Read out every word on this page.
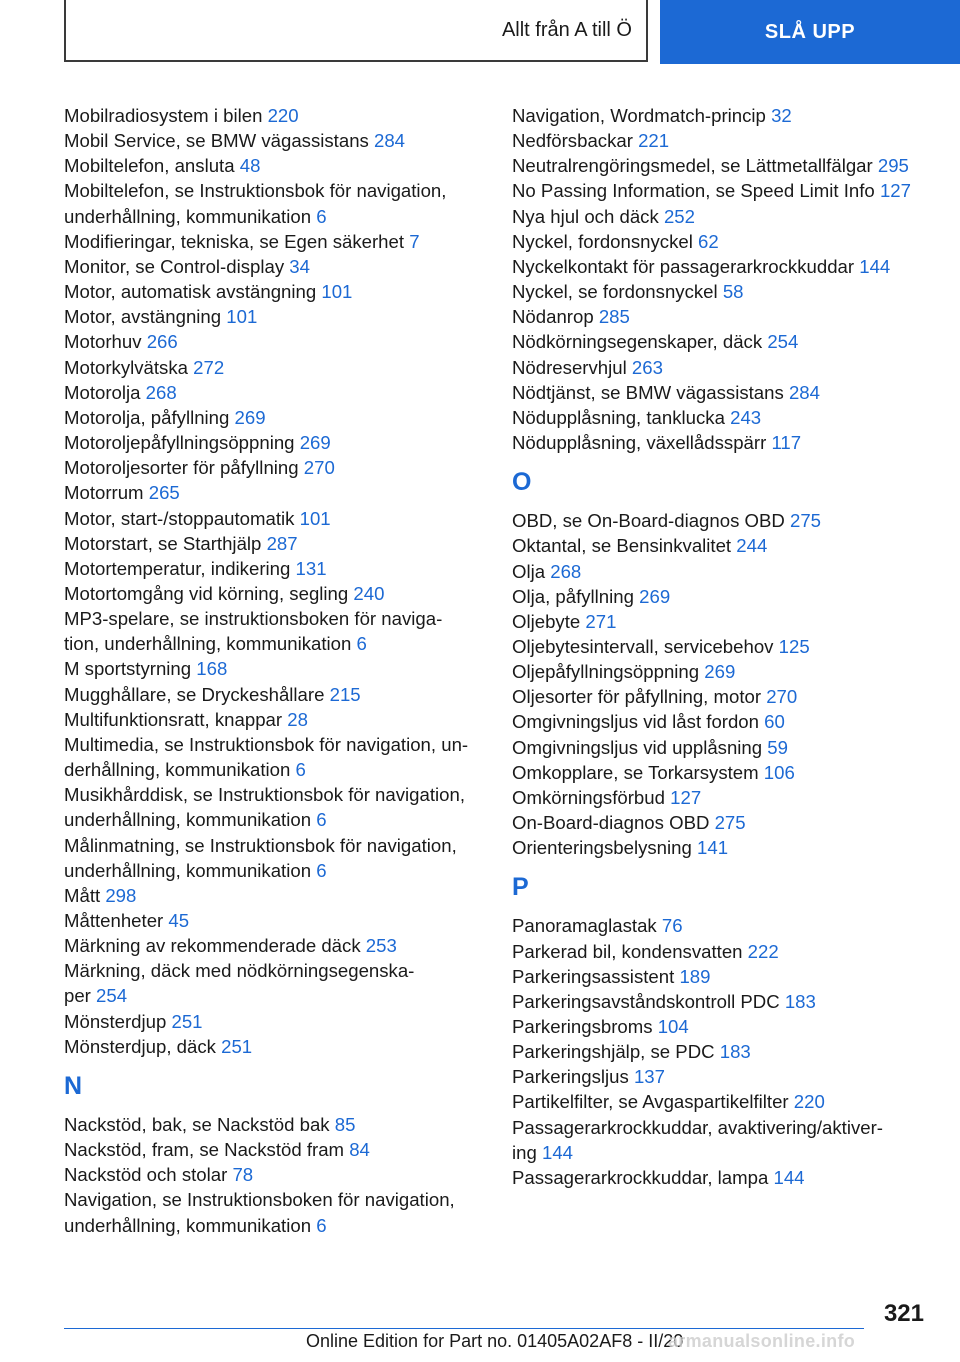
Allt från A till Ö	SLÅ UPP
Mobilradiosystem i bilen 220
Mobil Service, se BMW vägassistans 284
Mobiltelefon, ansluta 48
Mobiltelefon, se Instruktionsbok för navigation,
underhållning, kommunikation 6
Modifieringar, tekniska, se Egen säkerhet 7
Monitor, se Control-display 34
Motor, automatisk avstängning 101
Motor, avstängning 101
Motorhuv 266
Motorkylvätska 272
Motorolja 268
Motorolja, påfyllning 269
Motoroljepåfyllningsöppning 269
Motoroljesorter för påfyllning 270
Motorrum 265
Motor, start-/stoppautomatik 101
Motorstart, se Starthjälp 287
Motortemperatur, indikering 131
Motortomgång vid körning, segling 240
MP3-spelare, se instruktionsboken för naviga‐
tion, underhållning, kommunikation 6
M sportstyrning 168
Mugghållare, se Dryckeshållare 215
Multifunktionsratt, knappar 28
Multimedia, se Instruktionsbok för navigation, un‐
derhållning, kommunikation 6
Musikhårddisk, se Instruktionsbok för navigation,
underhållning, kommunikation 6
Målinmatning, se Instruktionsbok för navigation,
underhållning, kommunikation 6
Mått 298
Måttenheter 45
Märkning av rekommenderade däck 253
Märkning, däck med nödkörningsegenska‐
per 254
Mönsterdjup 251
Mönsterdjup, däck 251
N
Nackstöd, bak, se Nackstöd bak 85
Nackstöd, fram, se Nackstöd fram 84
Nackstöd och stolar 78
Navigation, se Instruktionsboken för navigation,
underhållning, kommunikation 6
Navigation, Wordmatch-princip 32
Nedförsbackar 221
Neutralrengöringsmedel, se Lättmetallfälgar 295
No Passing Information, se Speed Limit Info 127
Nya hjul och däck 252
Nyckel, fordonsnyckel 62
Nyckelkontakt för passagerarkrockkuddar 144
Nyckel, se fordonsnyckel 58
Nödanrop 285
Nödkörningsegenskaper, däck 254
Nödreservhjul 263
Nödtjänst, se BMW vägassistans 284
Nödupplåsning, tanklucka 243
Nödupplåsning, växellådsspärr 117
O
OBD, se On-Board-diagnos OBD 275
Oktantal, se Bensinkvalitet 244
Olja 268
Olja, påfyllning 269
Oljebyte 271
Oljebytesintervall, servicebehov 125
Oljepåfyllningsöppning 269
Oljesorter för påfyllning, motor 270
Omgivningsljus vid låst fordon 60
Omgivningsljus vid upplåsning 59
Omkopplare, se Torkarsystem 106
Omkörningsförbud 127
On-Board-diagnos OBD 275
Orienteringsbelysning 141
P
Panoramaglastak 76
Parkerad bil, kondensvatten 222
Parkeringsassistent 189
Parkeringsavståndskontroll PDC 183
Parkeringsbroms 104
Parkeringshjälp, se PDC 183
Parkeringsljus 137
Partikelfilter, se Avgaspartikelfilter 220
Passagerarkrockkuddar, avaktivering/aktiver‐
ing 144
Passagerarkrockkuddar, lampa 144
321
Online Edition for Part no. 01405A02AF8 - II/20
armanualsonline.info
